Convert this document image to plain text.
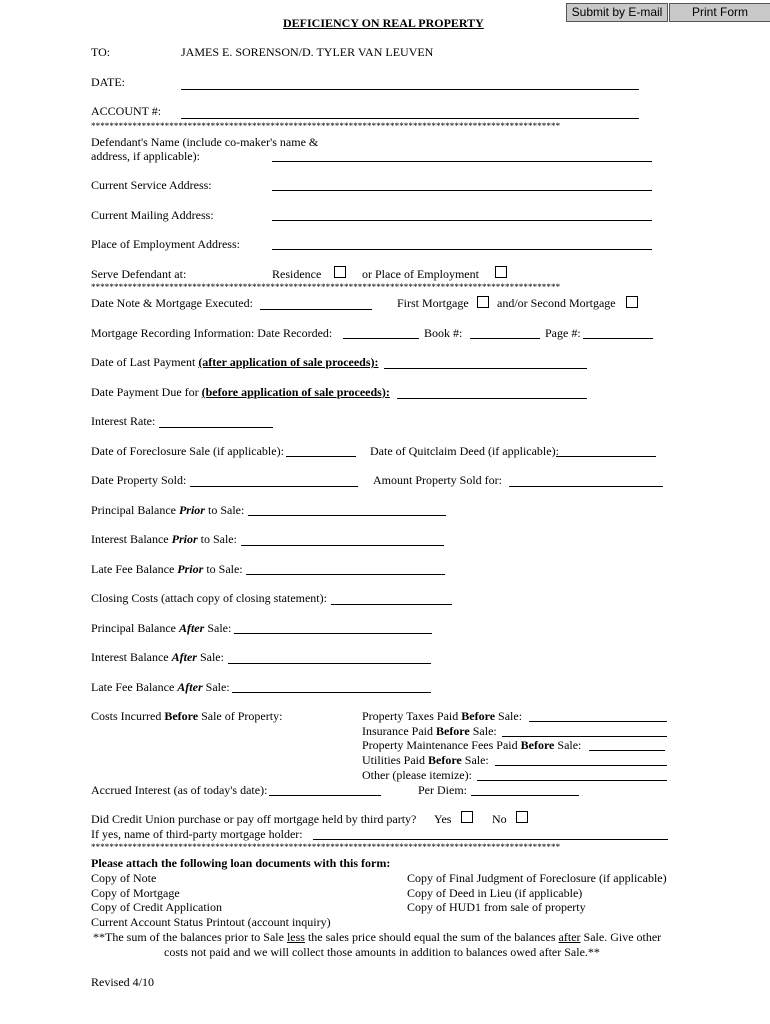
Submit by E-mail	Print Form
DEFICIENCY ON REAL PROPERTY
TO:	JAMES E. SORENSON/D. TYLER VAN LEUVEN
DATE:
ACCOUNT #:
******************************************************************************************************
Defendant's Name (include co-maker's name &
address, if applicable):
Current Service Address:
Current Mailing Address:
Place of Employment Address:
Serve Defendant at:	Residence	or Place of Employment
******************************************************************************************************
Date Note & Mortgage Executed:	First Mortgage and/or Second Mortgage
Mortgage Recording Information: Date Recorded:	Book #:	Page #:
Date of Last Payment (after application of sale proceeds):
Date Payment Due for (before application of sale proceeds):
Interest Rate:
Date of Foreclosure Sale (if applicable):	Date of Quitclaim Deed (if applicable):
Date Property Sold:	Amount Property Sold for:
Principal Balance Prior to Sale:
Interest Balance Prior to Sale:
Late Fee Balance Prior to Sale:
Closing Costs (attach copy of closing statement):
Principal Balance After Sale:
Interest Balance After Sale:
Late Fee Balance After Sale:
Costs Incurred Before Sale of Property:	Property Taxes Paid Before Sale:
Insurance Paid Before Sale:
Property Maintenance Fees Paid Before Sale:
Utilities Paid Before Sale:
Other (please itemize):
Accrued Interest (as of today's date):	Per Diem:
Did Credit Union purchase or pay off mortgage held by third party? Yes	No
If yes, name of third-party mortgage holder:
******************************************************************************************************
Please attach the following loan documents with this form:
Copy of Note
Copy of Mortgage
Copy of Credit Application
Current Account Status Printout (account inquiry)
Copy of Final Judgment of Foreclosure (if applicable)
Copy of Deed in Lieu (if applicable)
Copy of HUD1 from sale of property
**The sum of the balances prior to Sale less the sales price should equal the sum of the balances after Sale. Give other
costs not paid and we will collect those amounts in addition to balances owed after Sale.**
Revised 4/10
